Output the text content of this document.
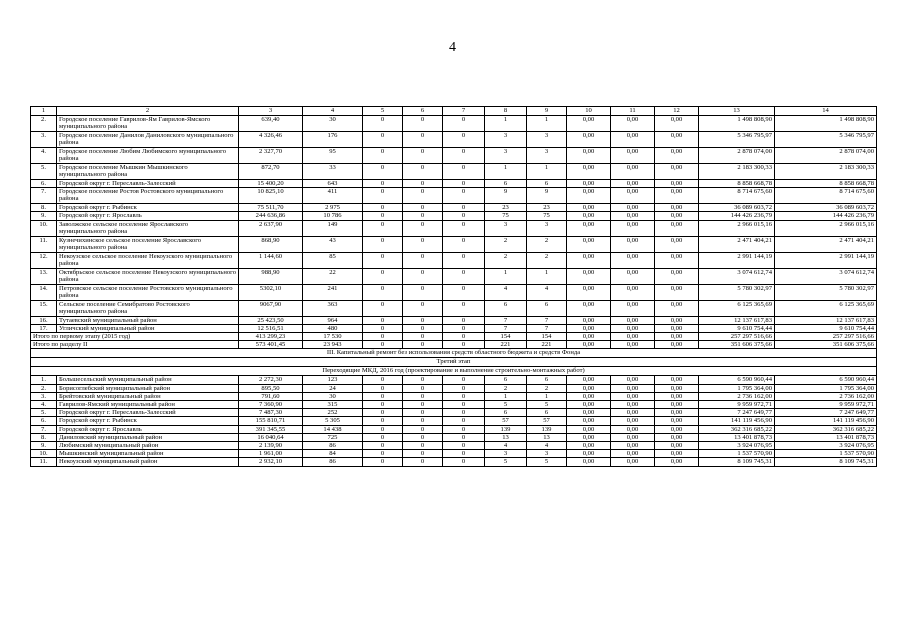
4
1	2	3	4	5	6	7	8	9	10	11	12	13	14
2.	Городское поселение Гаврилов-Ям Гаврилов-Ямского муниципального района	639,40	30	0	0	0	1	1	0,00	0,00	0,00	1 498 808,90	1 498 808,90
3.	Городское поселение Данилов Даниловского муниципального района	4 326,46	176	0	0	0	3	3	0,00	0,00	0,00	5 346 795,97	5 346 795,97
4.	Городское поселение Любим Любимского муниципального района	2 327,70	95	0	0	0	3	3	0,00	0,00	0,00	2 878 074,00	2 878 074,00
5.	Городское поселение Мышкин Мышкинского муниципального района	872,70	33	0	0	0	1	1	0,00	0,00	0,00	2 183 300,33	2 183 300,33
6.	Городской округ г. Переславль-Залесский	15 400,20	643	0	0	0	6	6	0,00	0,00	0,00	8 858 668,78	8 858 668,78
7.	Городское поселение Ростов Ростовского муниципального района	10 825,10	411	0	0	0	9	9	0,00	0,00	0,00	8 714 675,60	8 714 675,60
8.	Городской округ г. Рыбинск	75 511,70	2 975	0	0	0	23	23	0,00	0,00	0,00	36 089 603,72	36 089 603,72
9.	Городской округ г. Ярославль	244 636,86	10 786	0	0	0	75	75	0,00	0,00	0,00	144 426 236,79	144 426 236,79
10.	Заволжское сельское поселение Ярославского муниципального района	2 637,90	149	0	0	0	3	3	0,00	0,00	0,00	2 966 015,16	2 966 015,16
11.	Кузнечихинское сельское поселение Ярославского муниципального района	868,90	43	0	0	0	2	2	0,00	0,00	0,00	2 471 404,21	2 471 404,21
12.	Некоузское сельское поселение Некоузского муниципального района	1 144,60	85	0	0	0	2	2	0,00	0,00	0,00	2 991 144,19	2 991 144,19
13.	Октябрьское сельское поселение Некоузского муниципального района	988,90	22	0	0	0	1	1	0,00	0,00	0,00	3 074 612,74	3 074 612,74
14.	Петровское сельское поселение Ростовского муниципального района	5302,10	241	0	0	0	4	4	0,00	0,00	0,00	5 780 302,97	5 780 302,97
15.	Сельское поселение Семибратово Ростовского муниципального района	9067,90	363	0	0	0	6	6	0,00	0,00	0,00	6 125 365,69	6 125 365,69
16.	Тутаевский муниципальный район	25 423,50	964	0	0	0	7	7	0,00	0,00	0,00	12 137 617,83	12 137 617,83
17.	Угличский муниципальный район	12 516,51	480	0	0	0	7	7	0,00	0,00	0,00	9 610 754,44	9 610 754,44
Итого по первому этапу (2015 год)		413 299,23	17 530	0	0	0	154	154	0,00	0,00	0,00	257 297 516,66	257 297 516,66
Итого по разделу II		573 401,45	23 943	0	0	0	221	221	0,00	0,00	0,00	351 606 375,66	351 606 375,66
III. Капитальный ремонт без использования средств областного бюджета и средств Фонда													
Третий этап													
Переходящие МКД, 2016 год (проектирование и выполнение строительно-монтажных работ)													
1.	Большесельский муниципальный район	2 272,30	123	0	0	0	6	6	0,00	0,00	0,00	6 590 960,44	6 590 960,44
2.	Борисоглебский муниципальный район	895,50	24	0	0	0	2	2	0,00	0,00	0,00	1 795 364,00	1 795 364,00
3.	Брейтовский муниципальный район	791,60	30	0	0	0	1	1	0,00	0,00	0,00	2 736 162,00	2 736 162,00
4.	Гаврилов-Ямский муниципальный район	7 360,90	315	0	0	0	5	5	0,00	0,00	0,00	9 959 972,71	9 959 972,71
5.	Городской округ г. Переславль-Залесский	7 487,30	252	0	0	0	6	6	0,00	0,00	0,00	7 247 649,77	7 247 649,77
6.	Городской округ г. Рыбинск	155 810,71	5 305	0	0	0	57	57	0,00	0,00	0,00	141 119 456,90	141 119 456,90
7.	Городской округ г. Ярославль	391 345,55	14 438	0	0	0	139	139	0,00	0,00	0,00	362 316 685,22	362 316 685,22
8.	Даниловский муниципальный район	16 040,64	725	0	0	0	13	13	0,00	0,00	0,00	13 401 878,73	13 401 878,73
9.	Любимский муниципальный район	2 139,90	86	0	0	0	4	4	0,00	0,00	0,00	3 924 076,95	3 924 076,95
10.	Мышкинский муниципальный район	1 961,00	84	0	0	0	3	3	0,00	0,00	0,00	1 537 570,90	1 537 570,90
11.	Некоузский муниципальный район	2 932,10	86	0	0	0	5	5	0,00	0,00	0,00	8 109 745,31	8 109 745,31
